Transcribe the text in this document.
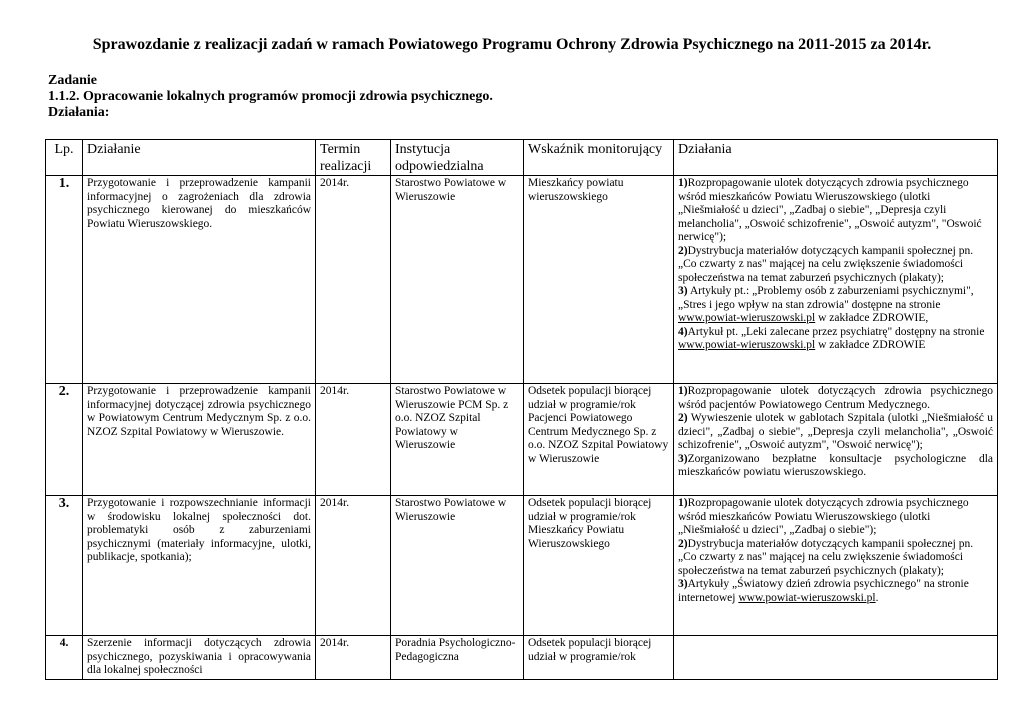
Sprawozdanie z realizacji zadań w ramach Powiatowego Programu Ochrony Zdrowia Psychicznego na 2011-2015 za 2014r.
Zadanie
1.1.2. Opracowanie lokalnych programów promocji zdrowia psychicznego.
Działania:
Lp.	Działanie	Termin realizacji	Instytucja odpowiedzialna	Wskaźnik monitorujący	Działania
1.	Przygotowanie i przeprowadzenie kampanii informacyjnej o zagrożeniach dla zdrowia psychicznego kierowanej do mieszkańców Powiatu Wieruszowskiego.	2014r.	Starostwo Powiatowe w Wieruszowie	Mieszkańcy powiatu wieruszowskiego	1)Rozpropagowanie ulotek dotyczących zdrowia psychicznego wśród mieszkańców Powiatu Wieruszowskiego (ulotki „Niešmiałość u dzieci", „Zadbaj o siebie", „Depresja czyli melancholia", „Oswoić schizofrenie", „Oswoić autyzm", "Oswoić nerwicę");

2)Dystrybucja materiałów dotyczących kampanii społecznej pn. „Co czwarty z nas" mającej na celu zwiększenie świadomości społeczeństwa na temat zaburzeń psychicznych (plakaty);

3) Artykuły pt.: „Problemy osób z zaburzeniami psychicznymi", „Stres i jego wpływ na stan zdrowia" dostępne na stronie www.powiat-wieruszowski.pl w zakładce ZDROWIE,

4)Artykuł pt. „Leki zalecane przez psychiatrę" dostępny na stronie www.powiat-wieruszowski.pl w zakładce ZDROWIE

2.	Przygotowanie i przeprowadzenie kampanii informacyjnej dotyczącej zdrowia psychicznego w Powiatowym Centrum Medycznym Sp. z o.o. NZOZ Szpital Powiatowy w Wieruszowie.	2014r.	Starostwo Powiatowe w Wieruszowie PCM Sp. z o.o. NZOZ Szpital Powiatowy w Wieruszowie	Odsetek populacji biorącej udział w programie/rok Pacjenci Powiatowego Centrum Medycznego Sp. z o.o. NZOZ Szpital Powiatowy w Wieruszowie	1)Rozpropagowanie ulotek dotyczących zdrowia psychicznego wśród pacjentów Powiatowego Centrum Medycznego.

2) Wywieszenie ulotek w gablotach Szpitala (ulotki „Niešmiałość u dzieci", „Zadbaj o siebie", „Depresja czyli melancholia", „Oswoić schizofrenie", „Oswoić autyzm", "Oswoić nerwicę");

3)Zorganizowano bezpłatne konsultacje psychologiczne dla mieszkańców powiatu wieruszowskiego.

3.	Przygotowanie i rozpowszechnianie informacji w środowisku lokalnej społeczności dot. problematyki osób z zaburzeniami psychicznymi (materiały informacyjne, ulotki, publikacje, spotkania);	2014r.	Starostwo Powiatowe w Wieruszowie	Odsetek populacji biorącej udział w programie/rok Mieszkańcy Powiatu Wieruszowskiego	1)Rozpropagowanie ulotek dotyczących zdrowia psychicznego wśród mieszkańców Powiatu Wieruszowskiego (ulotki „Niešmiałość u dzieci", „Zadbaj o siebie");

2)Dystrybucja materiałów dotyczących kampanii społecznej pn. „Co czwarty z nas" mającej na celu zwiększenie świadomości społeczeństwa na temat zaburzeń psychicznych (plakaty);

3)Artykuły „Światowy dzień zdrowia psychicznego" na stronie internetowej www.powiat-wieruszowski.pl.

4.	Szerzenie informacji dotyczących zdrowia psychicznego, pozyskiwania i opracowywania dla lokalnej społeczności	2014r.	Poradnia Psychologiczno-Pedagogiczna	Odsetek populacji biorącej udział w programie/rok	
